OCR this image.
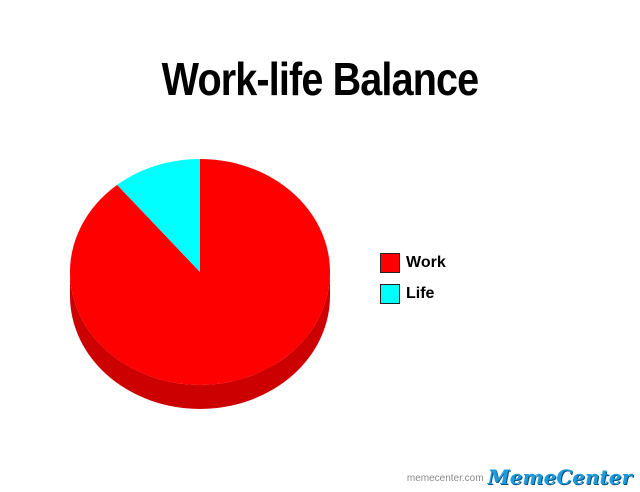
Work-life Balance
Work
Life
memecenter.com MemeCenter
